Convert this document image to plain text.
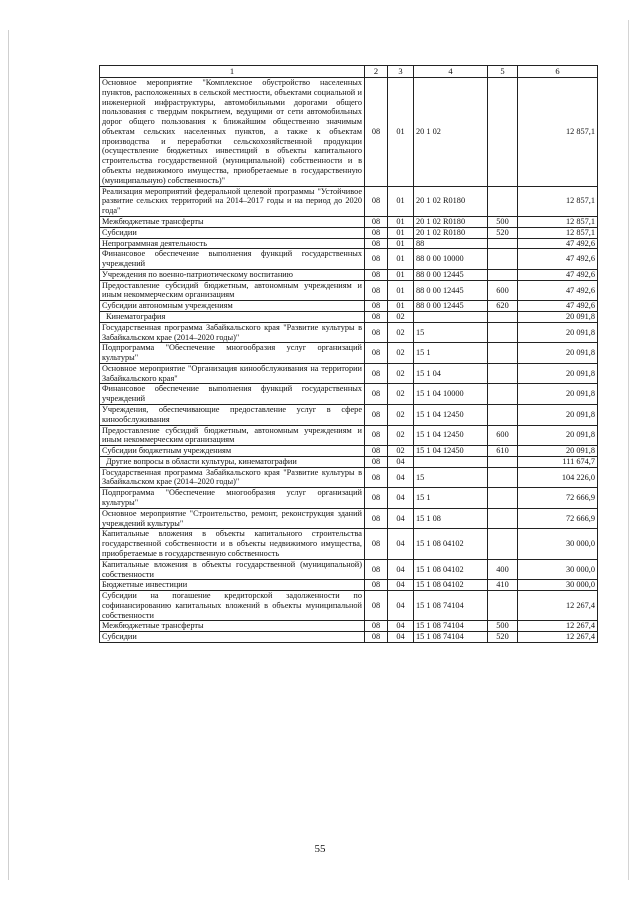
1	2	3	4	5	6
Основное мероприятие "Комплексное обустройство населенных пунктов, расположенных в сельской местности, объектами социальной и инженерной инфраструктуры, автомобильными дорогами общего пользования с твердым покрытием, ведущими от сети автомобильных дорог общего пользования к ближайшим общественно значимым объектам сельских населенных пунктов, а также к объектам производства и переработки сельскохозяйственной продукции (осуществление бюджетных инвестиций в объекты капитального строительства государственной (муниципальной) собственности и в объекты недвижимого имущества, приобретаемые в государственную (муниципальную) собственность)"	08	01	20 1 02		12 857,1
Реализация мероприятий федеральной целевой программы "Устойчивое развитие сельских территорий на 2014–2017 годы и на период до 2020 года"	08	01	20 1 02 R0180		12 857,1
Межбюджетные трансферты	08	01	20 1 02 R0180	500	12 857,1
Субсидии	08	01	20 1 02 R0180	520	12 857,1
Непрограммная деятельность	08	01	88		47 492,6
Финансовое обеспечение выполнения функций государственных учреждений	08	01	88 0 00 10000		47 492,6
Учреждения по военно-патриотическому воспитанию	08	01	88 0 00 12445		47 492,6
Предоставление субсидий бюджетным, автономным учреждениям и иным некоммерческим организациям	08	01	88 0 00 12445	600	47 492,6
Субсидии автономным учреждениям	08	01	88 0 00 12445	620	47 492,6
Кинематография	08	02			20 091,8
Государственная программа Забайкальского края "Развитие культуры в Забайкальском крае (2014–2020 годы)"	08	02	15		20 091,8
Подпрограмма "Обеспечение многообразия услуг организаций культуры"	08	02	15 1		20 091,8
Основное мероприятие "Организация кинообслуживания на территории Забайкальского края"	08	02	15 1 04		20 091,8
Финансовое обеспечение выполнения функций государственных учреждений	08	02	15 1 04 10000		20 091,8
Учреждения, обеспечивающие предоставление услуг в сфере кинообслуживания	08	02	15 1 04 12450		20 091,8
Предоставление субсидий бюджетным, автономным учреждениям и иным некоммерческим организациям	08	02	15 1 04 12450	600	20 091,8
Субсидии бюджетным учреждениям	08	02	15 1 04 12450	610	20 091,8
Другие вопросы в области культуры, кинематографии	08	04			111 674,7
Государственная программа Забайкальского края "Развитие культуры в Забайкальском крае (2014–2020 годы)"	08	04	15		104 226,0
Подпрограмма "Обеспечение многообразия услуг организаций культуры"	08	04	15 1		72 666,9
Основное мероприятие "Строительство, ремонт, реконструкция зданий учреждений культуры"	08	04	15 1 08		72 666,9
Капитальные вложения в объекты капитального строительства государственной собственности и в объекты недвижимого имущества, приобретаемые в государственную собственность	08	04	15 1 08 04102		30 000,0
Капитальные вложения в объекты государственной (муниципальной) собственности	08	04	15 1 08 04102	400	30 000,0
Бюджетные инвестиции	08	04	15 1 08 04102	410	30 000,0
Субсидии на погашение кредиторской задолженности по софинансированию капитальных вложений в объекты муниципальной собственности	08	04	15 1 08 74104		12 267,4
Межбюджетные трансферты	08	04	15 1 08 74104	500	12 267,4
Субсидии	08	04	15 1 08 74104	520	12 267,4
55
